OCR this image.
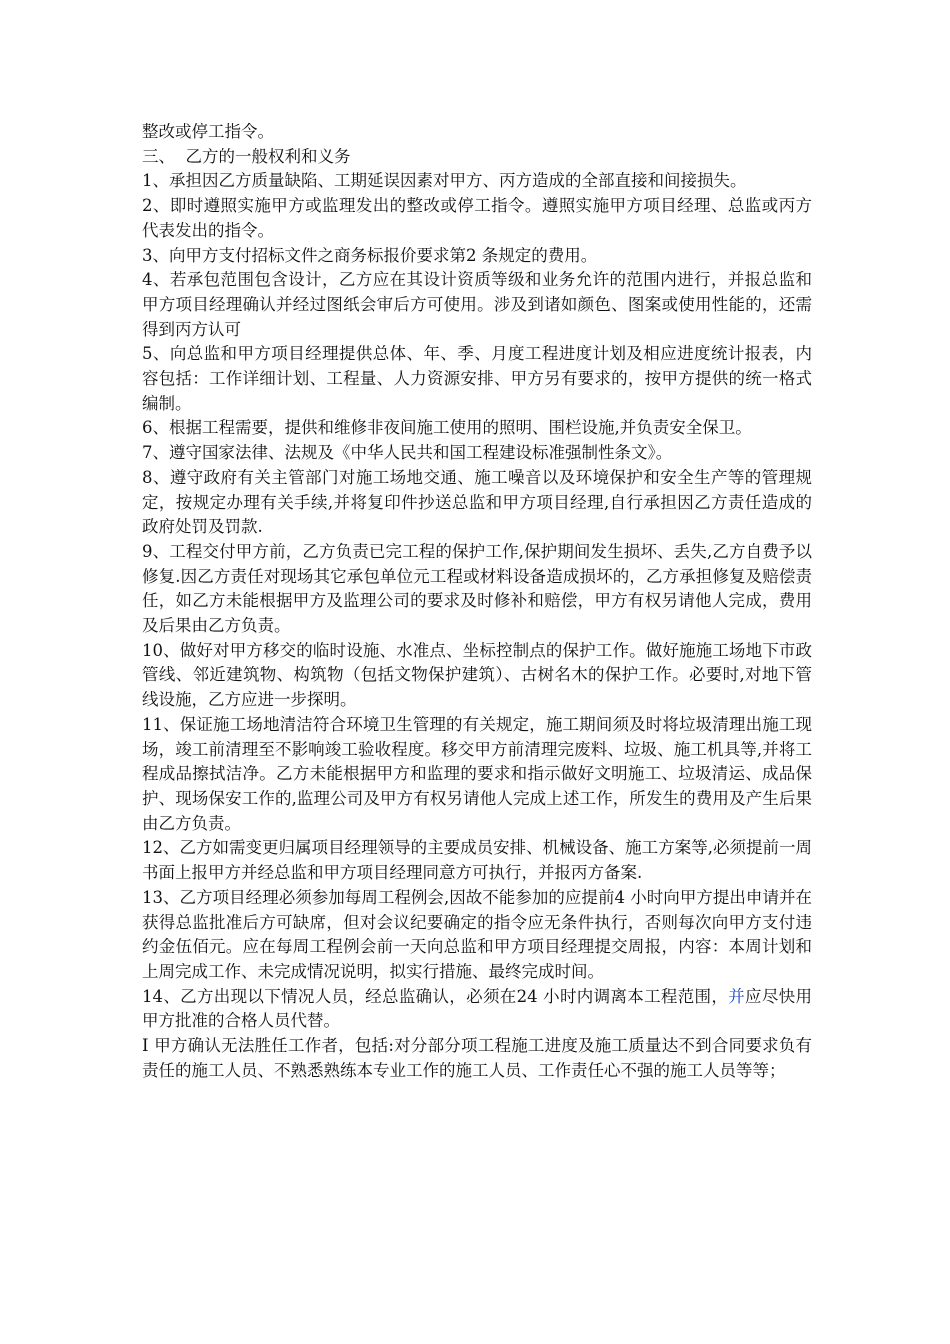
整改或停工指令。

三、  乙方的一般权利和义务

1、承担因乙方质量缺陷、工期延误因素对甲方、丙方造成的全部直接和间接损失。

2、即时遵照实施甲方或监理发出的整改或停工指令。遵照实施甲方项目经理、总监或丙方代表发出的指令。

3、向甲方支付招标文件之商务标报价要求第2 条规定的费用。

4、若承包范围包含设计，乙方应在其设计资质等级和业务允许的范围内进行，并报总监和甲方项目经理确认并经过图纸会审后方可使用。涉及到诸如颜色、图案或使用性能的，还需得到丙方认可

5、向总监和甲方项目经理提供总体、年、季、月度工程进度计划及相应进度统计报表，内容包括：工作详细计划、工程量、人力资源安排、甲方另有要求的，按甲方提供的统一格式编制。

6、根据工程需要，提供和维修非夜间施工使用的照明、围栏设施,并负责安全保卫。

7、遵守国家法律、法规及《中华人民共和国工程建设标准强制性条文》。

8、遵守政府有关主管部门对施工场地交通、施工噪音以及环境保护和安全生产等的管理规定，按规定办理有关手续,并将复印件抄送总监和甲方项目经理,自行承担因乙方责任造成的政府处罚及罚款.

9、工程交付甲方前，乙方负责已完工程的保护工作,保护期间发生损坏、丢失,乙方自费予以修复.因乙方责任对现场其它承包单位元工程或材料设备造成损坏的，乙方承担修复及赔偿责任，如乙方未能根据甲方及监理公司的要求及时修补和赔偿，甲方有权另请他人完成，费用及后果由乙方负责。

10、做好对甲方移交的临时设施、水准点、坐标控制点的保护工作。做好施施工场地下市政管线、邻近建筑物、构筑物（包括文物保护建筑）、古树名木的保护工作。必要时,对地下管线设施，乙方应进一步探明。

11、保证施工场地清洁符合环境卫生管理的有关规定，施工期间须及时将垃圾清理出施工现场，竣工前清理至不影响竣工验收程度。移交甲方前清理完废料、垃圾、施工机具等,并将工程成品擦拭洁净。乙方未能根据甲方和监理的要求和指示做好文明施工、垃圾清运、成品保护、现场保安工作的,监理公司及甲方有权另请他人完成上述工作，所发生的费用及产生后果由乙方负责。

12、乙方如需变更归属项目经理领导的主要成员安排、机械设备、施工方案等,必须提前一周书面上报甲方并经总监和甲方项目经理同意方可执行，并报丙方备案.

13、乙方项目经理必须参加每周工程例会,因故不能参加的应提前4 小时向甲方提出申请并在获得总监批准后方可缺席，但对会议纪要确定的指令应无条件执行，否则每次向甲方支付违约金伍佰元。应在每周工程例会前一天向总监和甲方项目经理提交周报，内容：本周计划和上周完成工作、未完成情况说明，拟实行措施、最终完成时间。

14、乙方出现以下情况人员，经总监确认，必须在24 小时内调离本工程范围，并应尽快用甲方批准的合格人员代替。

Ⅰ 甲方确认无法胜任工作者，包括:对分部分项工程施工进度及施工质量达不到合同要求负有责任的施工人员、不熟悉熟练本专业工作的施工人员、工作责任心不强的施工人员等等；
